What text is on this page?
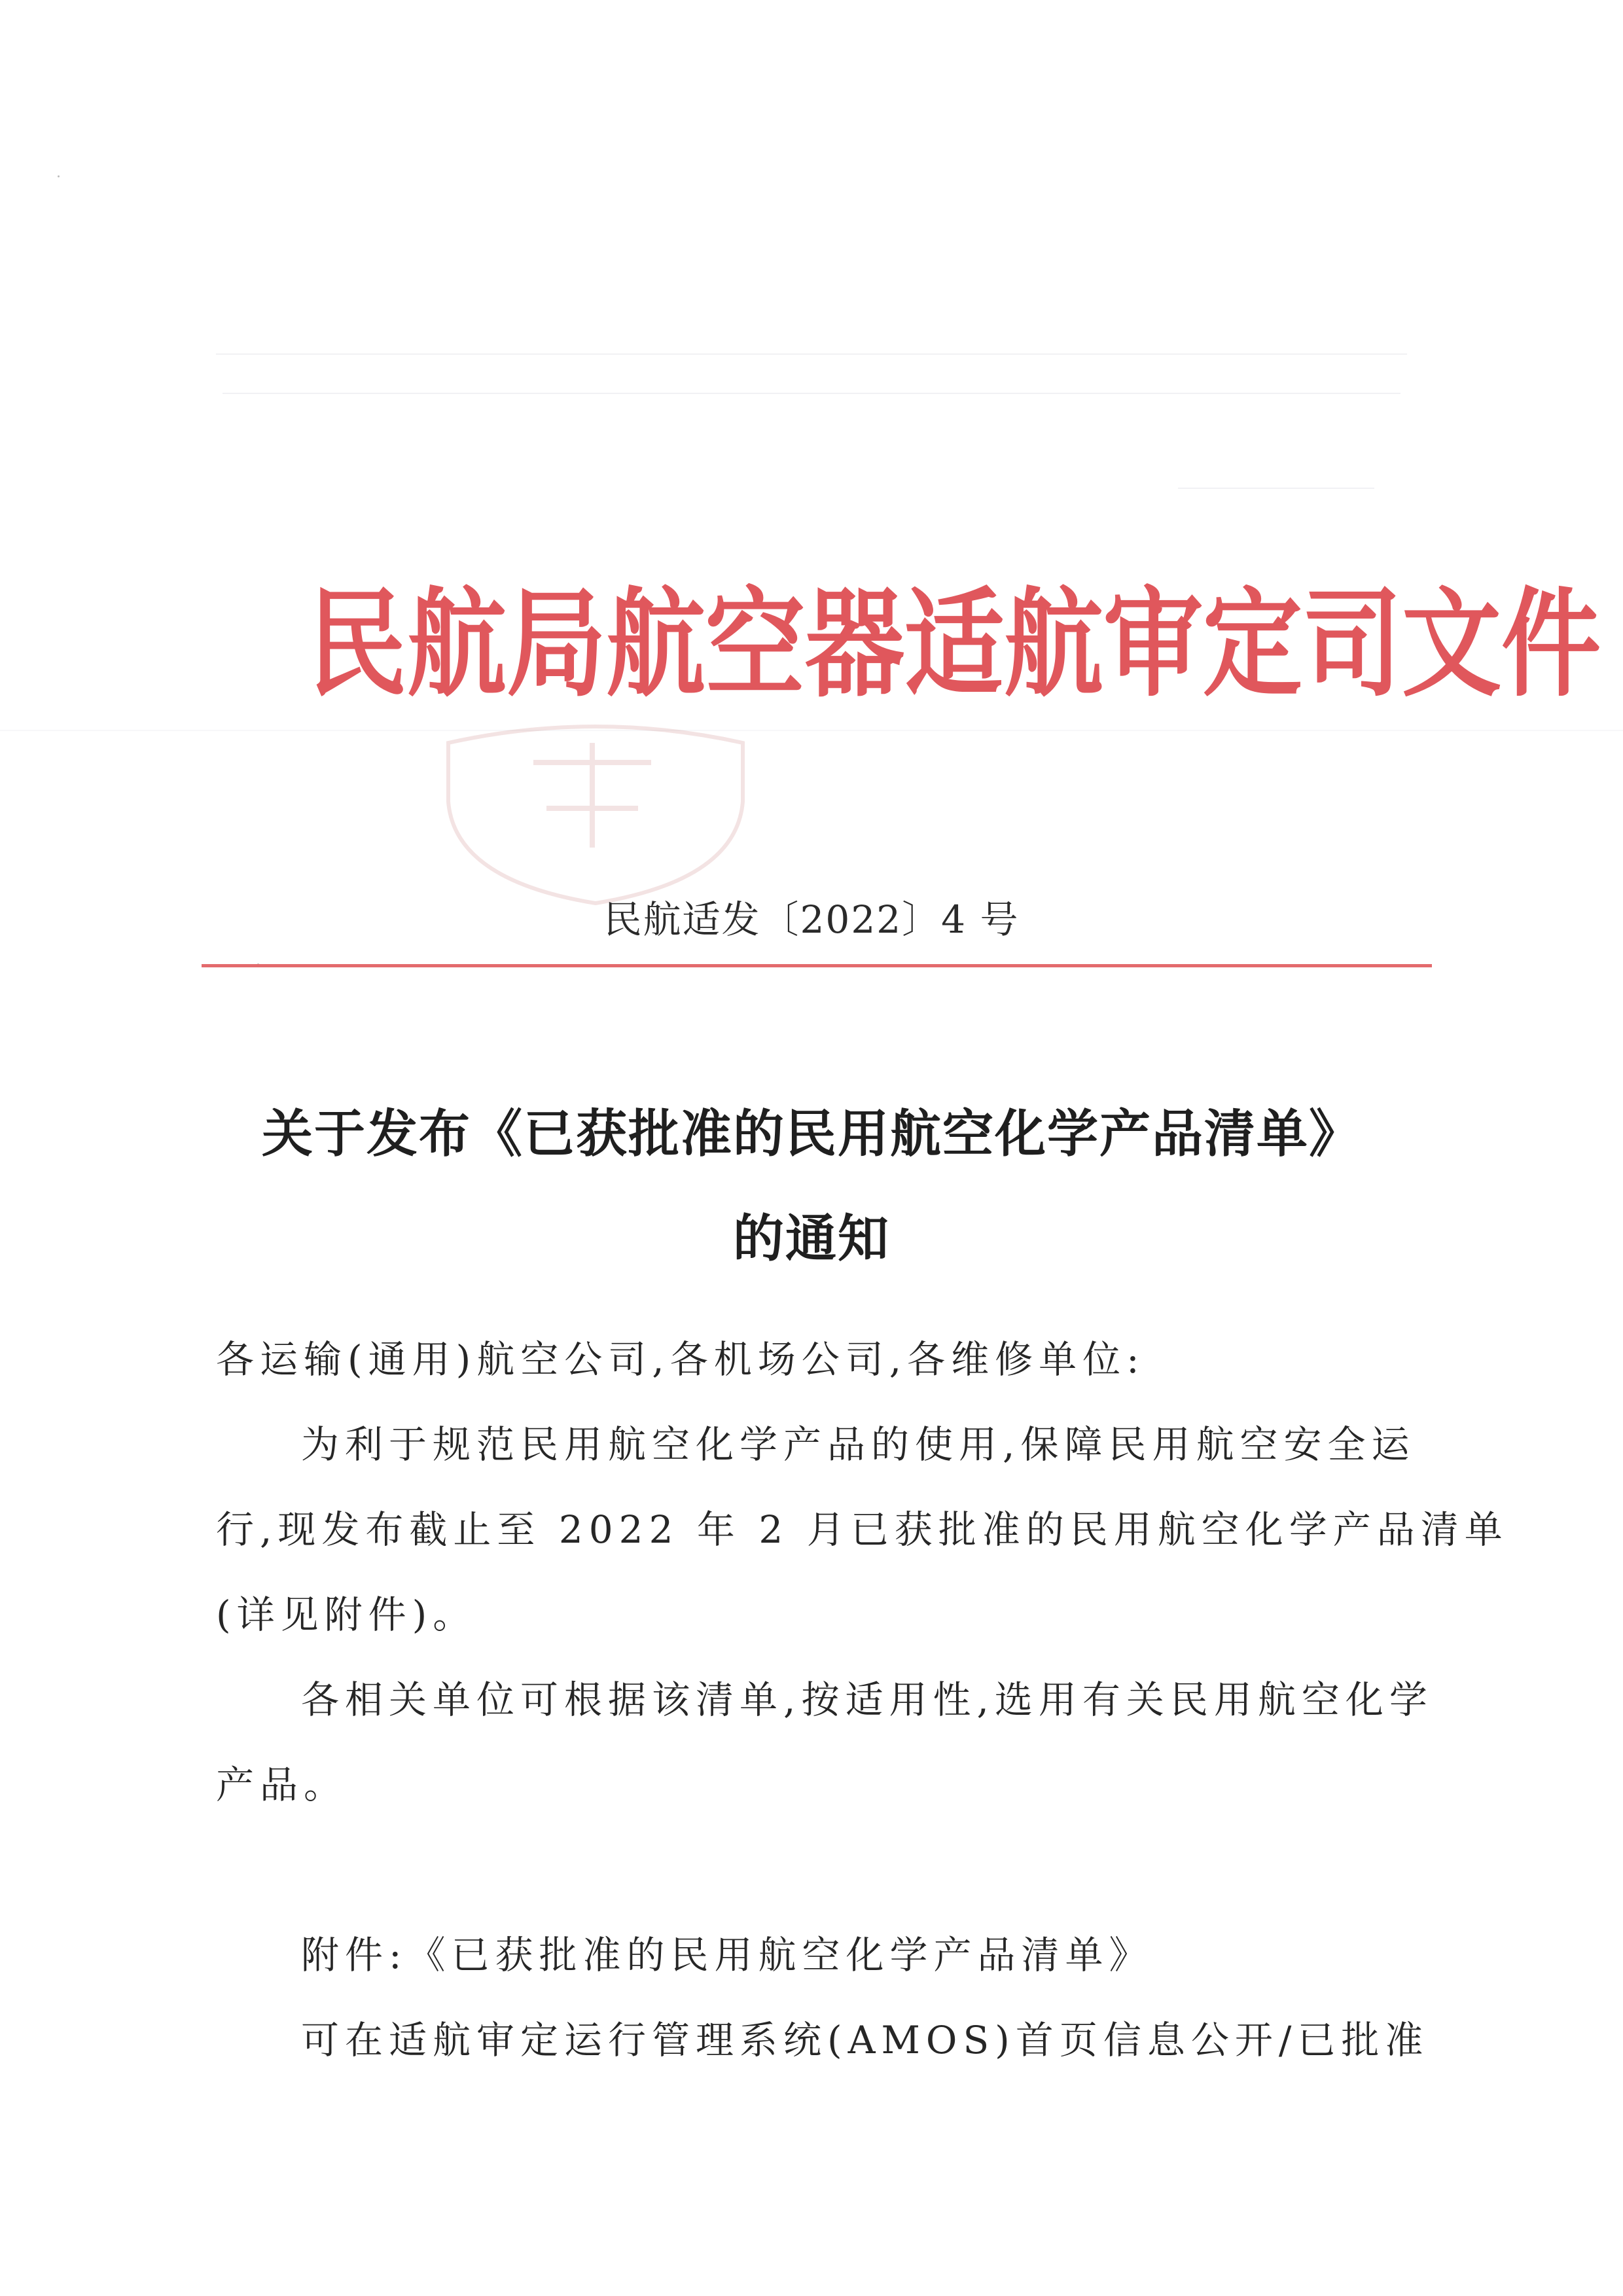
民 航 局 航 空 器 适 航 审 定 司 文 件
民航适发〔2022〕4 号
关于发布《已获批准的民用航空化学产品清单》
的通知
各运输(通用)航空公司,各机场公司,各维修单位:
为利于规范民用航空化学产品的使用,保障民用航空安全运
行,现发布截止至 2022 年 2 月已获批准的民用航空化学产品清单
(详见附件)。
各相关单位可根据该清单,按适用性,选用有关民用航空化学
产品。
附件:《已获批准的民用航空化学产品清单》
可在适航审定运行管理系统(AMOS)首页信息公开/已批准
